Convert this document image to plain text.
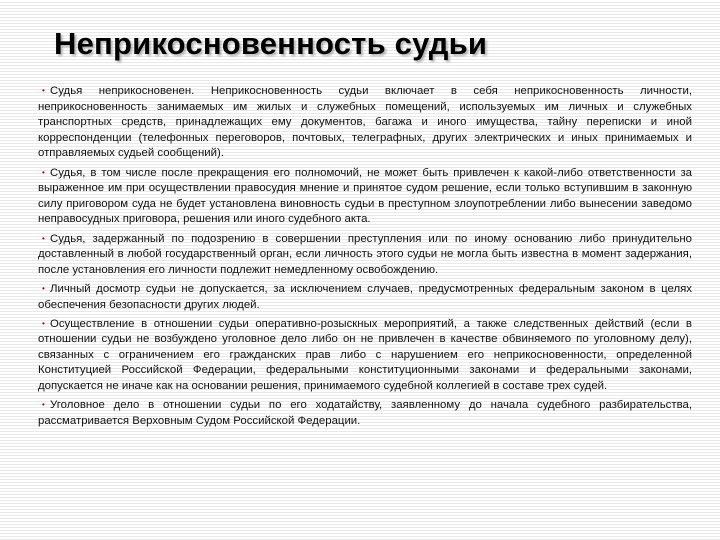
Неприкосновенность судьи
• Судья неприкосновенен. Неприкосновенность судьи включает в себя неприкосновенность личности, неприкосновенность занимаемых им жилых и служебных помещений, используемых им личных и служебных транспортных средств, принадлежащих ему документов, багажа и иного имущества, тайну переписки и иной корреспонденции (телефонных переговоров, почтовых, телеграфных, других электрических и иных принимаемых и отправляемых судьей сообщений).
• Судья, в том числе после прекращения его полномочий, не может быть привлечен к какой-либо ответственности за выраженное им при осуществлении правосудия мнение и принятое судом решение, если только вступившим в законную силу приговором суда не будет установлена виновность судьи в преступном злоупотреблении либо вынесении заведомо неправосудных приговора, решения или иного судебного акта.
• Судья, задержанный по подозрению в совершении преступления или по иному основанию либо принудительно доставленный в любой государственный орган, если личность этого судьи не могла быть известна в момент задержания, после установления его личности подлежит немедленному освобождению.
• Личный досмотр судьи не допускается, за исключением случаев, предусмотренных федеральным законом в целях обеспечения безопасности других людей.
• Осуществление в отношении судьи оперативно-розыскных мероприятий, а также следственных действий (если в отношении судьи не возбуждено уголовное дело либо он не привлечен в качестве обвиняемого по уголовному делу), связанных с ограничением его гражданских прав либо с нарушением его неприкосновенности, определенной Конституцией Российской Федерации, федеральными конституционными законами и федеральными законами, допускается не иначе как на основании решения, принимаемого судебной коллегией в составе трех судей.
• Уголовное дело в отношении судьи по его ходатайству, заявленному до начала судебного разбирательства, рассматривается Верховным Судом Российской Федерации.
